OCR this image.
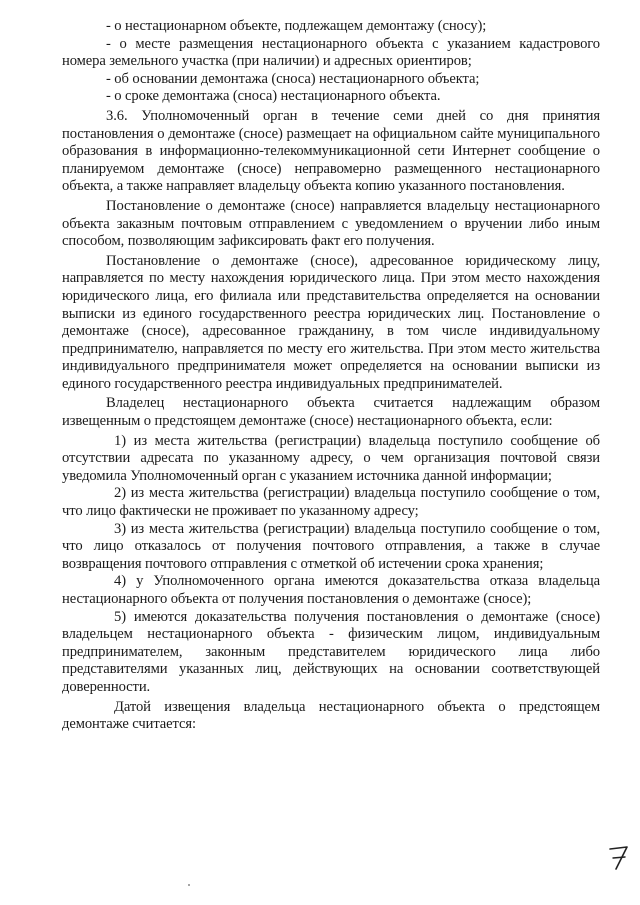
- о нестационарном объекте, подлежащем демонтажу (сносу);

- о месте размещения нестационарного объекта с указанием кадастрового номера земельного участка (при наличии) и адресных ориентиров;

- об основании демонтажа (сноса) нестационарного объекта;

- о сроке демонтажа (сноса) нестационарного объекта.

3.6. Уполномоченный орган в течение семи дней со дня принятия постановления о демонтаже (сносе) размещает на официальном сайте муниципального образования в информационно-телекоммуникационной сети Интернет сообщение о планируемом демонтаже (сносе) неправомерно размещенного нестационарного объекта, а также направляет владельцу объекта копию указанного постановления.

Постановление о демонтаже (сносе) направляется владельцу нестационарного объекта заказным почтовым отправлением с уведомлением о вручении либо иным способом, позволяющим зафиксировать факт его получения.

Постановление о демонтаже (сносе), адресованное юридическому лицу, направляется по месту нахождения юридического лица. При этом место нахождения юридического лица, его филиала или представительства определяется на основании выписки из единого государственного реестра юридических лиц. Постановление о демонтаже (сносе), адресованное гражданину, в том числе индивидуальному предпринимателю, направляется по месту его жительства. При этом место жительства индивидуального предпринимателя может определяется на основании выписки из единого государственного реестра индивидуальных предпринимателей.

Владелец нестационарного объекта считается надлежащим образом извещенным о предстоящем демонтаже (сносе) нестационарного объекта, если:

1) из места жительства (регистрации) владельца поступило сообщение об отсутствии адресата по указанному адресу, о чем организация почтовой связи уведомила Уполномоченный орган с указанием источника данной информации;

2) из места жительства (регистрации) владельца поступило сообщение о том, что лицо фактически не проживает по указанному адресу;

3) из места жительства (регистрации) владельца поступило сообщение о том, что лицо отказалось от получения почтового отправления, а также в случае возвращения почтового отправления с отметкой об истечении срока хранения;

4) у Уполномоченного органа имеются доказательства отказа владельца нестационарного объекта от получения постановления о демонтаже (сносе);

5) имеются доказательства получения постановления о демонтаже (сносе) владельцем нестационарного объекта - физическим лицом, индивидуальным предпринимателем, законным представителем юридического лица либо представителями указанных лиц, действующих на основании соответствующей доверенности.

Датой извещения владельца нестационарного объекта о предстоящем демонтаже считается:
